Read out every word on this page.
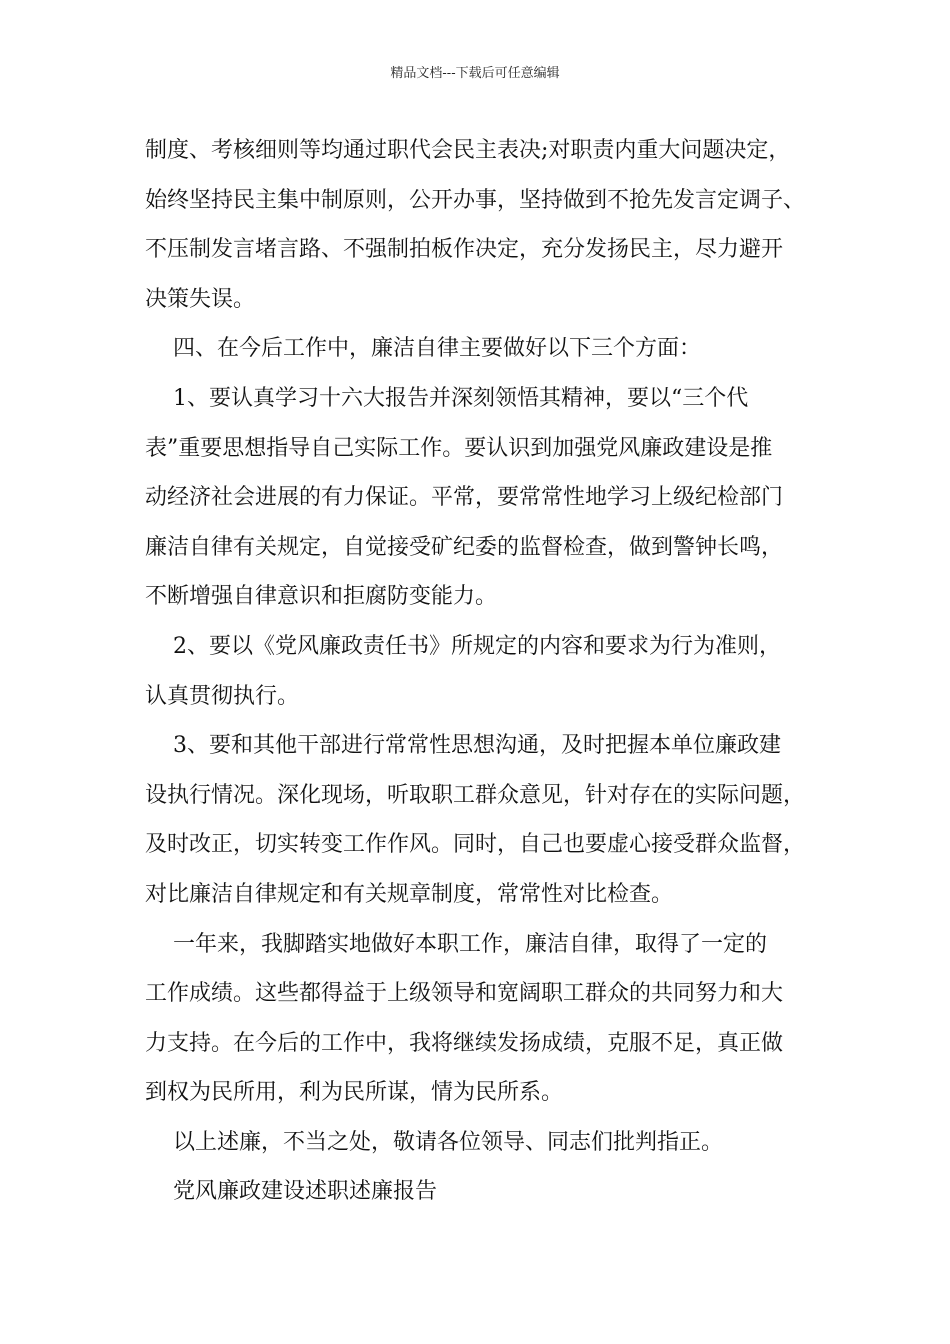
精品文档---下载后可任意编辑

制度、考核细则等均通过职代会民主表决;对职责内重大问题决定，

始终坚持民主集中制原则，公开办事，坚持做到不抢先发言定调子、

不压制发言堵言路、不强制拍板作决定，充分发扬民主，尽力避开

决策失误。

四、在今后工作中，廉洁自律主要做好以下三个方面：

1、要认真学习十六大报告并深刻领悟其精神，要以“三个代

表”重要思想指导自己实际工作。要认识到加强党风廉政建设是推

动经济社会进展的有力保证。平常，要常常性地学习上级纪检部门

廉洁自律有关规定，自觉接受矿纪委的监督检查，做到警钟长鸣，

不断增强自律意识和拒腐防变能力。

2、要以《党风廉政责任书》所规定的内容和要求为行为准则，

认真贯彻执行。

3、要和其他干部进行常常性思想沟通，及时把握本单位廉政建

设执行情况。深化现场，听取职工群众意见，针对存在的实际问题，

及时改正，切实转变工作作风。同时，自己也要虚心接受群众监督，

对比廉洁自律规定和有关规章制度，常常性对比检查。

一年来，我脚踏实地做好本职工作，廉洁自律，取得了一定的

工作成绩。这些都得益于上级领导和宽阔职工群众的共同努力和大

力支持。在今后的工作中，我将继续发扬成绩，克服不足，真正做

到权为民所用，利为民所谋，情为民所系。

以上述廉，不当之处，敬请各位领导、同志们批判指正。

党风廉政建设述职述廉报告
